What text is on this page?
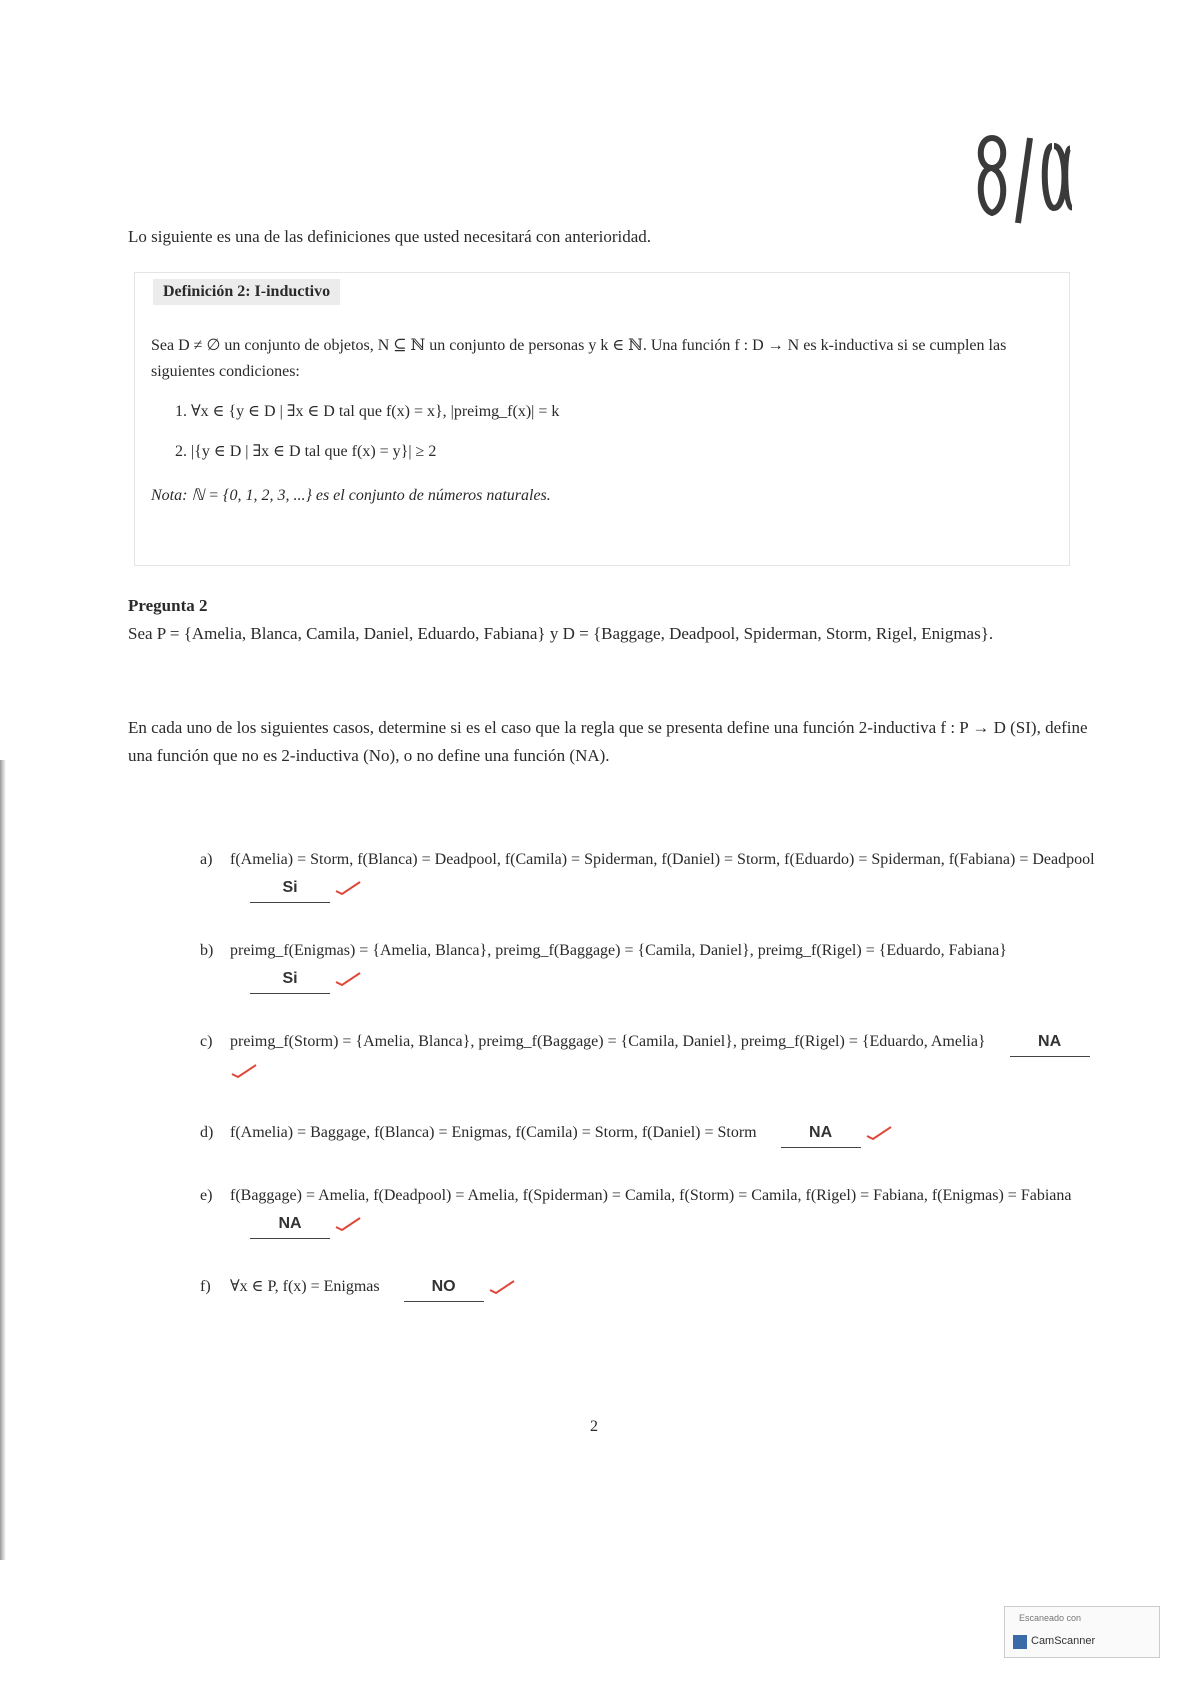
Lo siguiente es una de las definiciones que usted necesitará con anterioridad.
Definición 2: I-inductivo
Sea D ≠ ∅ un conjunto de objetos, N ⊆ ℕ un conjunto de personas y k ∈ ℕ. Una función f : D → N es k-inductiva si se cumplen las siguientes condiciones:
1. ∀x ∈ {y ∈ D | ∃x ∈ D tal que f(x) = x}, |preimg_f(x)| = k
2. |{y ∈ D | ∃x ∈ D tal que f(x) = y}| ≥ 2
Nota: ℕ = {0, 1, 2, 3, ...} es el conjunto de números naturales.
Pregunta 2
Sea P = {Amelia, Blanca, Camila, Daniel, Eduardo, Fabiana} y D = {Baggage, Deadpool, Spiderman, Storm, Rigel, Enigmas}.
En cada uno de los siguientes casos, determine si es el caso que la regla que se presenta define una función 2-inductiva f : P → D (SI), define una función que no es 2-inductiva (No), o no define una función (NA).
a)	f(Amelia) = Storm, f(Blanca) = Deadpool, f(Camila) = Spiderman, f(Daniel) = Storm, f(Eduardo) = Spiderman, f(Fabiana) = Deadpool Si
b)	preimg_f(Enigmas) = {Amelia, Blanca}, preimg_f(Baggage) = {Camila, Daniel}, preimg_f(Rigel) = {Eduardo, Fabiana} Si
c)	preimg_f(Storm) = {Amelia, Blanca}, preimg_f(Baggage) = {Camila, Daniel}, preimg_f(Rigel) = {Eduardo, Amelia}	NA
d)	f(Amelia) = Baggage, f(Blanca) = Enigmas, f(Camila) = Storm, f(Daniel) = Storm	NA
e)	f(Baggage) = Amelia, f(Deadpool) = Amelia, f(Spiderman) = Camila, f(Storm) = Camila, f(Rigel) = Fabiana, f(Enigmas) = Fabiana NA
f)	∀x ∈ P, f(x) = Enigmas	NO
2
Escaneado con
CamScanner
